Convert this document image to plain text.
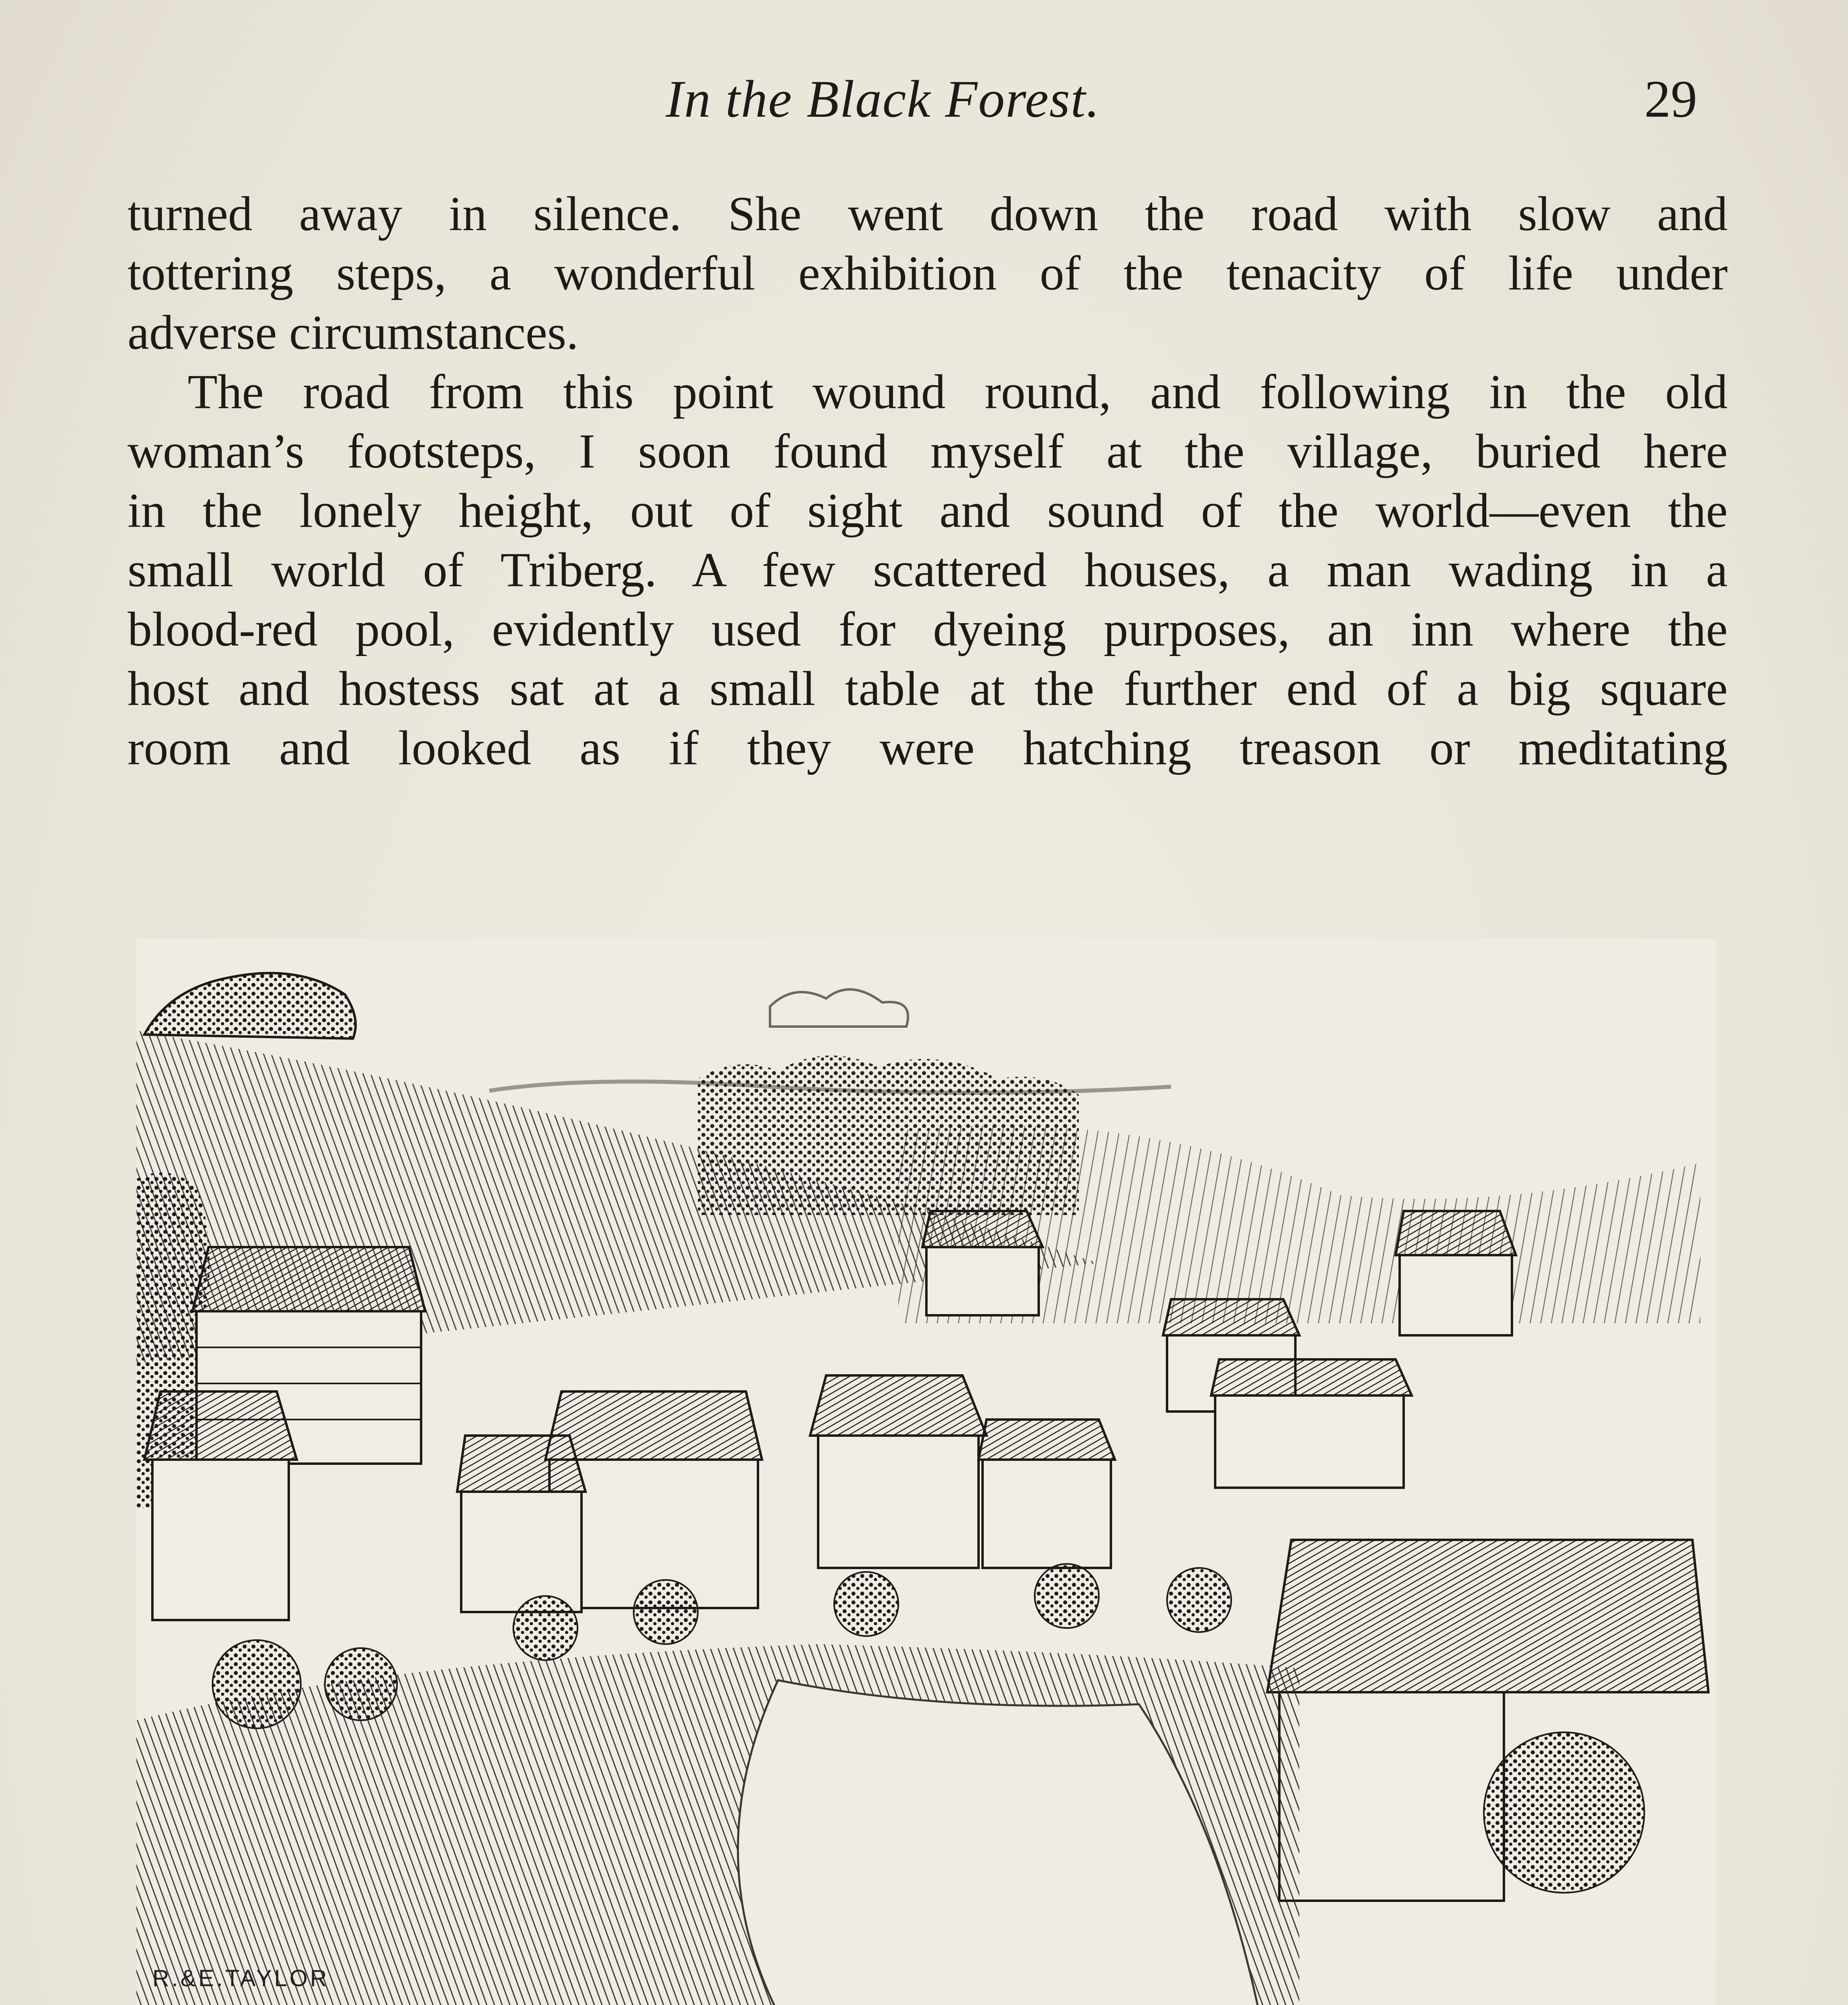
In the Black Forest.	29
turned away in silence. She went down the road with slow and
tottering steps, a wonderful exhibition of the tenacity of life under
adverse circumstances.
The road from this point wound round, and following in the old
woman’s footsteps, I soon found myself at the village, buried here
in the lonely height, out of sight and sound of the world—even the
small world of Triberg. A few scattered houses, a man wading in a
blood-red pool, evidently used for dyeing purposes, an inn where the
host and hostess sat at a small table at the further end of a big square
room and looked as if they were hatching treason or meditating
R.&E.TAYLOR
